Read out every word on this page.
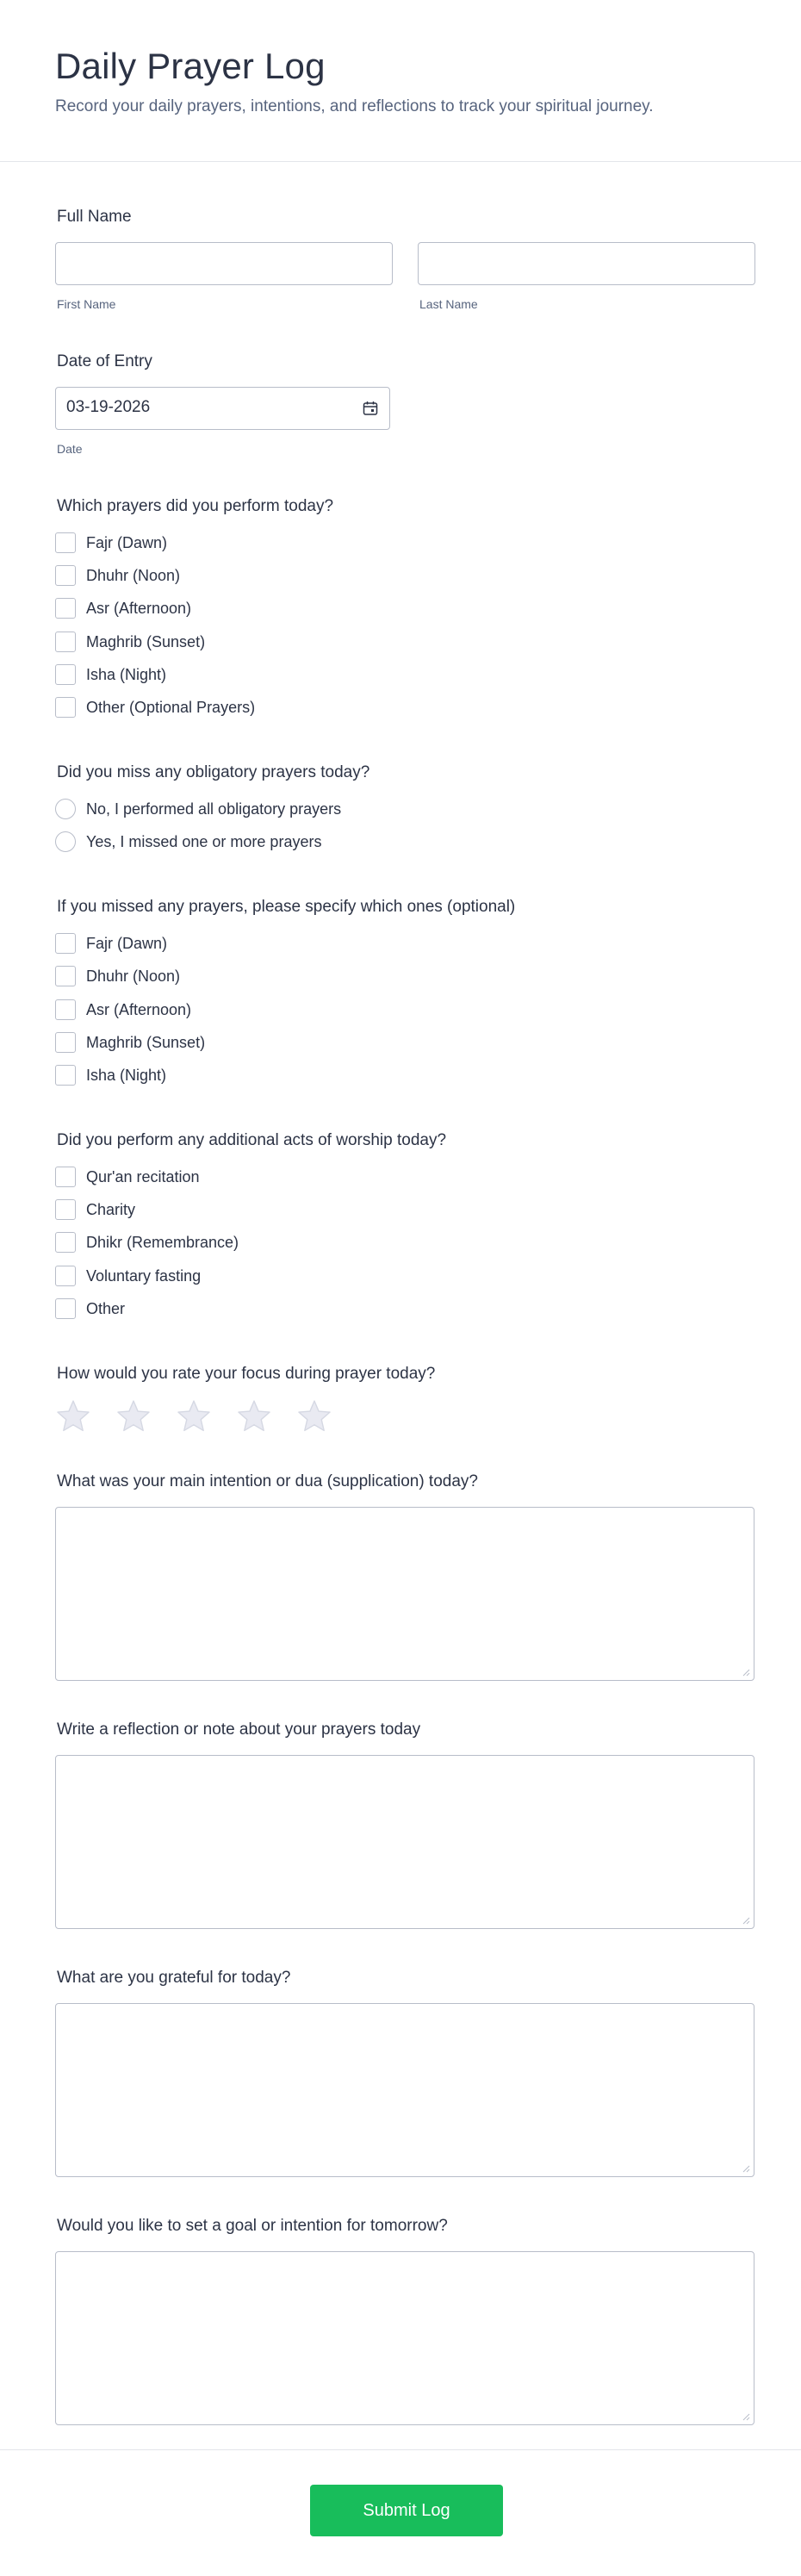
Daily Prayer Log

Record your daily prayers, intentions, and reflections to track your spiritual journey.

Full Name
First Name	Last Name
Date of Entry
03-19-2026
Date
Which prayers did you perform today?
Fajr (Dawn)
Dhuhr (Noon)
Asr (Afternoon)
Maghrib (Sunset)
Isha (Night)
Other (Optional Prayers)
Did you miss any obligatory prayers today?
No, I performed all obligatory prayers
Yes, I missed one or more prayers
If you missed any prayers, please specify which ones (optional)
Fajr (Dawn)
Dhuhr (Noon)
Asr (Afternoon)
Maghrib (Sunset)
Isha (Night)
Did you perform any additional acts of worship today?
Qur'an recitation
Charity
Dhikr (Remembrance)
Voluntary fasting
Other
How would you rate your focus during prayer today?
What was your main intention or dua (supplication) today?
Write a reflection or note about your prayers today
What are you grateful for today?
Would you like to set a goal or intention for tomorrow?
Submit Log
